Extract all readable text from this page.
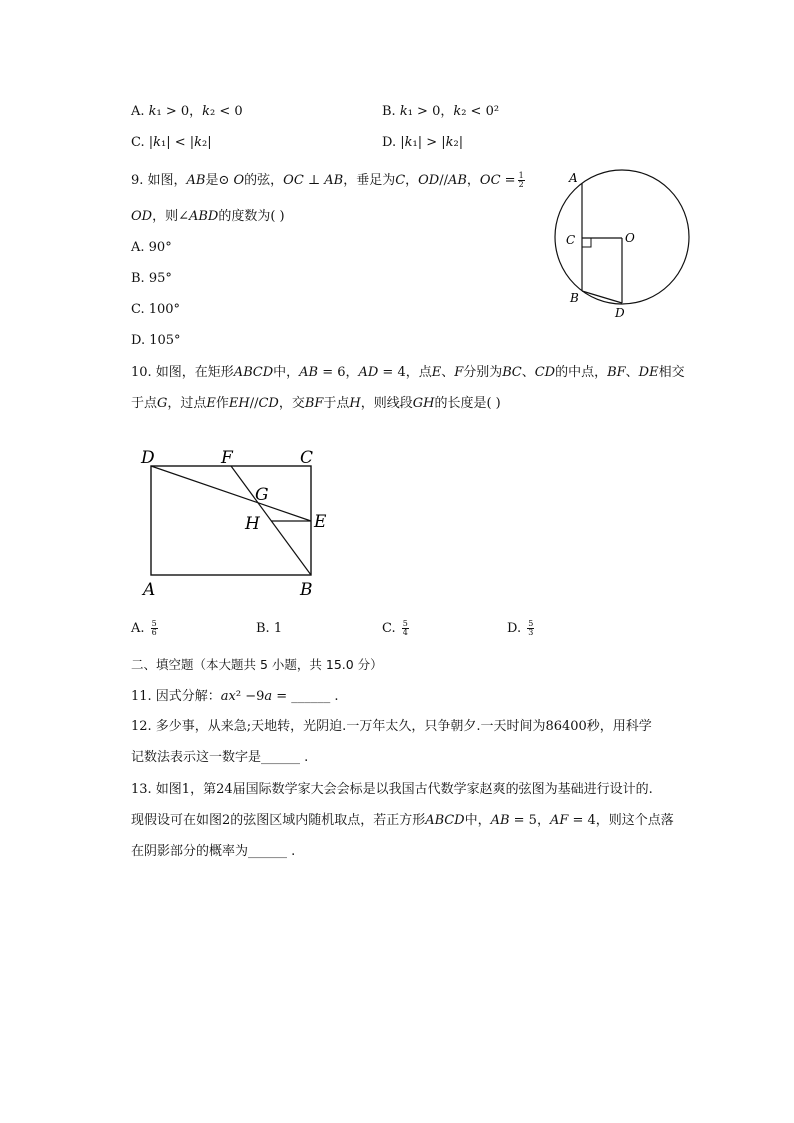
A. 𝑘₁ > 0，𝑘₂ < 0	B. 𝑘₁ > 0，𝑘₂ < 0²
C. |𝑘₁| < |𝑘₂|	D. |𝑘₁| > |𝑘₂|
9. 如图，𝐴𝐵是⊙ 𝑂的弦，𝑂𝐶 ⊥ 𝐴𝐵，垂足为𝐶，𝑂𝐷//𝐴𝐵，𝑂𝐶 = $\frac{1}{2}$
𝑂𝐷，则∠𝐴𝐵𝐷的度数为( )
A. 90°
B. 95°
C. 100°
D. 105°
A
C	O
B
D
10. 如图，在矩形𝐴𝐵𝐶𝐷中，𝐴𝐵 = 6，𝐴𝐷 = 4，点𝐸、𝐹分别为𝐵𝐶、𝐶𝐷的中点，𝐵𝐹、𝐷𝐸相交
于点𝐺，过点𝐸作𝐸𝐻//𝐶𝐷，交𝐵𝐹于点𝐻，则线段𝐺𝐻的长度是( )
D	F	C
G
H	E
A	B
A. $\frac{5}{6}$	B. 1	C. $\frac{5}{4}$	D. $\frac{5}{3}$
二、填空题（本大题共 5 小题，共 15.0 分）
11. 因式分解：𝑎𝑥² −9𝑎 = ______ .
12. 多少事，从来急;天地转，光阴迫.一万年太久，只争朝夕.一天时间为86400秒，用科学
记数法表示这一数字是______ .
13. 如图1，第24届国际数学家大会会标是以我国古代数学家赵爽的弦图为基础进行设计的.
现假设可在如图2的弦图区域内随机取点，若正方形𝐴𝐵𝐶𝐷中，𝐴𝐵 = 5，𝐴𝐹 = 4，则这个点落
在阴影部分的概率为______ .
